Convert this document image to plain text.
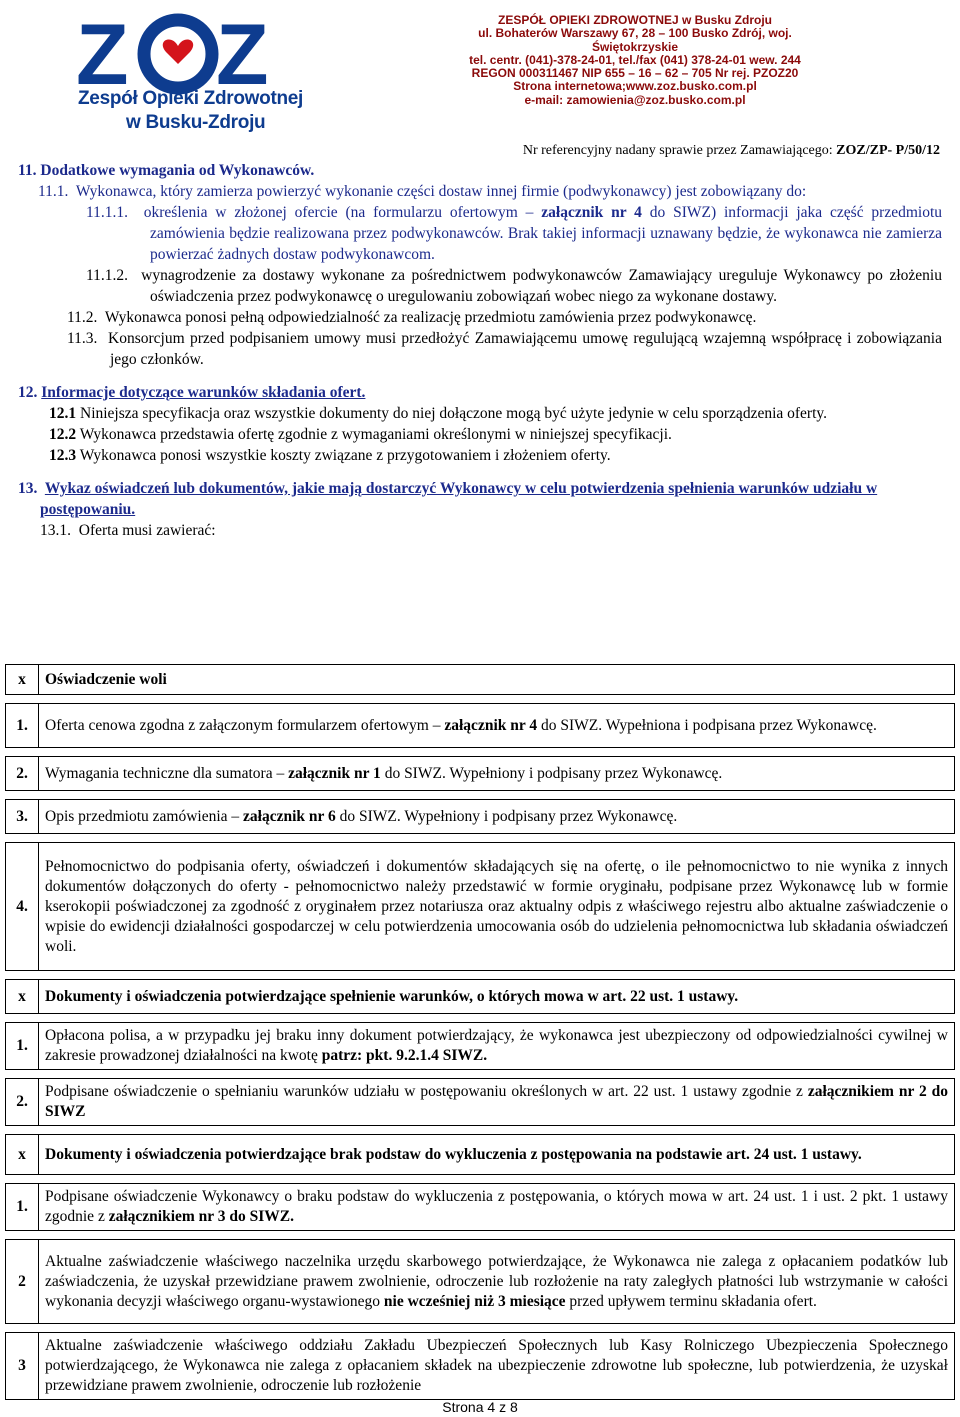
Z Z
Zespół Opieki Zdrowotnej
w Busku-Zdroju
ZESPÓŁ OPIEKI ZDROWOTNEJ w Busku Zdroju
ul. Bohaterów Warszawy 67, 28 – 100 Busko Zdrój, woj. Świętokrzyskie
tel. centr. (041)-378-24-01, tel./fax (041) 378-24-01 wew. 244
REGON 000311467 NIP 655 – 16 – 62 – 705 Nr rej. PZOZ20
Strona internetowa;www.zoz.busko.com.pl
e-mail: zamowienia@zoz.busko.com.pl
Nr referencyjny nadany sprawie przez Zamawiającego: ZOZ/ZP- P/50/12

11. Dodatkowe wymagania od Wykonawców.

11.1. Wykonawca, który zamierza powierzyć wykonanie części dostaw innej firmie (podwykonawcy) jest zobowiązany do:

11.1.1. określenia w złożonej ofercie (na formularzu ofertowym – załącznik nr 4 do SIWZ) informacji jaka część przedmiotu zamówienia będzie realizowana przez podwykonawców. Brak takiej informacji uznawany będzie, że wykonawca nie zamierza powierzać żadnych dostaw podwykonawcom.

11.1.2. wynagrodzenie za dostawy wykonane za pośrednictwem podwykonawców Zamawiający ureguluje Wykonawcy po złożeniu oświadczenia przez podwykonawcę o uregulowaniu zobowiązań wobec niego za wykonane dostawy.

11.2. Wykonawca ponosi pełną odpowiedzialność za realizację przedmiotu zamówienia przez podwykonawcę.

11.3. Konsorcjum przed podpisaniem umowy musi przedłożyć Zamawiającemu umowę regulującą wzajemną współpracę i zobowiązania jego członków.

12. Informacje dotyczące warunków składania ofert.

12.1 Niniejsza specyfikacja oraz wszystkie dokumenty do niej dołączone mogą być użyte jedynie w celu sporządzenia oferty.

12.2 Wykonawca przedstawia ofertę zgodnie z wymaganiami określonymi w niniejszej specyfikacji.

12.3 Wykonawca ponosi wszystkie koszty związane z przygotowaniem i złożeniem oferty.

13. Wykaz oświadczeń lub dokumentów, jakie mają dostarczyć Wykonawcy w celu potwierdzenia spełnienia warunków udziału w postępowaniu.

13.1. Oferta musi zawierać:

x	Oświadczenie woli

1.	Oferta cenowa zgodna z załączonym formularzem ofertowym – załącznik nr 4 do SIWZ. Wypełniona i podpisana przez Wykonawcę.

2.	Wymagania techniczne dla sumatora – załącznik nr 1 do SIWZ. Wypełniony i podpisany przez Wykonawcę.

3.	Opis przedmiotu zamówienia – załącznik nr 6 do SIWZ. Wypełniony i podpisany przez Wykonawcę.

4.	Pełnomocnictwo do podpisania oferty, oświadczeń i dokumentów składających się na ofertę, o ile pełnomocnictwo to nie wynika z innych dokumentów dołączonych do oferty - pełnomocnictwo należy przedstawić w formie oryginału, podpisane przez Wykonawcę lub w formie kserokopii poświadczonej za zgodność z oryginałem przez notariusza oraz aktualny odpis z właściwego rejestru albo aktualne zaświadczenie o wpisie do ewidencji działalności gospodarczej w celu potwierdzenia umocowania osób do udzielenia pełnomocnictwa lub składania oświadczeń woli.

x	Dokumenty i oświadczenia potwierdzające spełnienie warunków, o których mowa w art. 22 ust. 1 ustawy.

1.	Opłacona polisa, a w przypadku jej braku inny dokument potwierdzający, że wykonawca jest ubezpieczony od odpowiedzialności cywilnej w zakresie prowadzonej działalności na kwotę patrz: pkt. 9.2.1.4 SIWZ.

2.	Podpisane oświadczenie o spełnianiu warunków udziału w postępowaniu określonych w art. 22 ust. 1 ustawy zgodnie z załącznikiem nr 2 do SIWZ

x	Dokumenty i oświadczenia potwierdzające brak podstaw do wykluczenia z postępowania na podstawie art. 24 ust. 1 ustawy.

1.	Podpisane oświadczenie Wykonawcy o braku podstaw do wykluczenia z postępowania, o których mowa w art. 24 ust. 1 i ust. 2 pkt. 1 ustawy zgodnie z załącznikiem nr 3 do SIWZ.

2	Aktualne zaświadczenie właściwego naczelnika urzędu skarbowego potwierdzające, że Wykonawca nie zalega z opłacaniem podatków lub zaświadczenia, że uzyskał przewidziane prawem zwolnienie, odroczenie lub rozłożenie na raty zaległych płatności lub wstrzymanie w całości wykonania decyzji właściwego organu-wystawionego nie wcześniej niż 3 miesiące przed upływem terminu składania ofert.

3	Aktualne zaświadczenie właściwego oddziału Zakładu Ubezpieczeń Społecznych lub Kasy Rolniczego Ubezpieczenia Społecznego potwierdzającego, że Wykonawca nie zalega z opłacaniem składek na ubezpieczenie zdrowotne lub społeczne, lub potwierdzenia, że uzyskał przewidziane prawem zwolnienie, odroczenie lub rozłożenie
Strona 4 z 8
